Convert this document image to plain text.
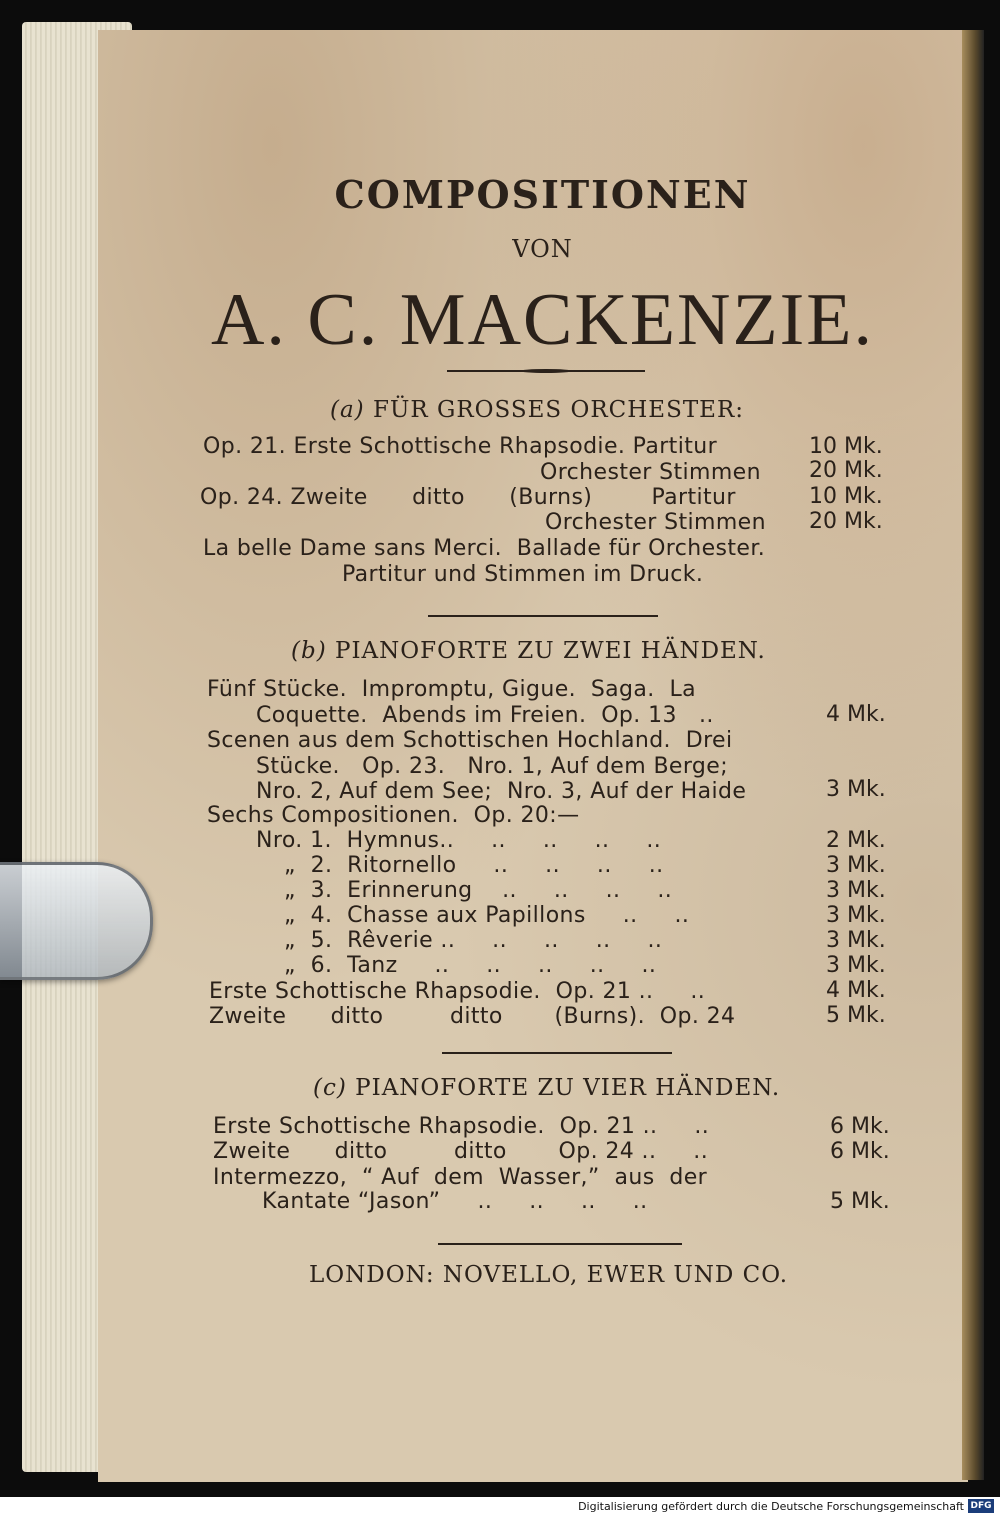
COMPOSITIONEN
VON
A. C. MACKENZIE.
(a) FÜR GROSSES ORCHESTER:
Op. 21. Erste Schottische Rhapsodie. Partitur	10 Mk.
Orchester Stimmen 20 Mk.
Op. 24. Zweite      ditto      (Burns)        Partitur	10 Mk.
Orchester Stimmen 20 Mk.
La belle Dame sans Merci.  Ballade für Orchester.
Partitur und Stimmen im Druck.
(b) PIANOFORTE ZU ZWEI HÄNDEN.
Fünf Stücke.  Impromptu, Gigue.  Saga.  La
Coquette.  Abends im Freien.  Op. 13   ..	4 Mk.
Scenen aus dem Schottischen Hochland.  Drei
Stücke.   Op. 23.   Nro. 1, Auf dem Berge;
Nro. 2, Auf dem See;  Nro. 3, Auf der Haide	3 Mk.
Sechs Compositionen.  Op. 20:—
Nro. 1.  Hymnus..     ..     ..     ..     ..	2 Mk.
„  2.  Ritornello     ..     ..     ..     ..	3 Mk.
„  3.  Erinnerung    ..     ..     ..     ..	3 Mk.
„  4.  Chasse aux Papillons     ..     ..	3 Mk.
„  5.  Rêverie ..     ..     ..     ..     ..	3 Mk.
„  6.  Tanz     ..     ..     ..     ..     ..	3 Mk.
Erste Schottische Rhapsodie.  Op. 21 ..     ..	4 Mk.
Zweite      ditto         ditto       (Burns).  Op. 24	5 Mk.
(c) PIANOFORTE ZU VIER HÄNDEN.
Erste Schottische Rhapsodie.  Op. 21 ..     ..	6 Mk.
Zweite      ditto         ditto       Op. 24 ..     ..	6 Mk.
Intermezzo,  “ Auf  dem  Wasser,”  aus  der
Kantate “Jason”     ..     ..     ..     ..	5 Mk.
LONDON: NOVELLO, EWER UND CO.
Digitalisierung gefördert durch die Deutsche Forschungsgemeinschaft DFG
